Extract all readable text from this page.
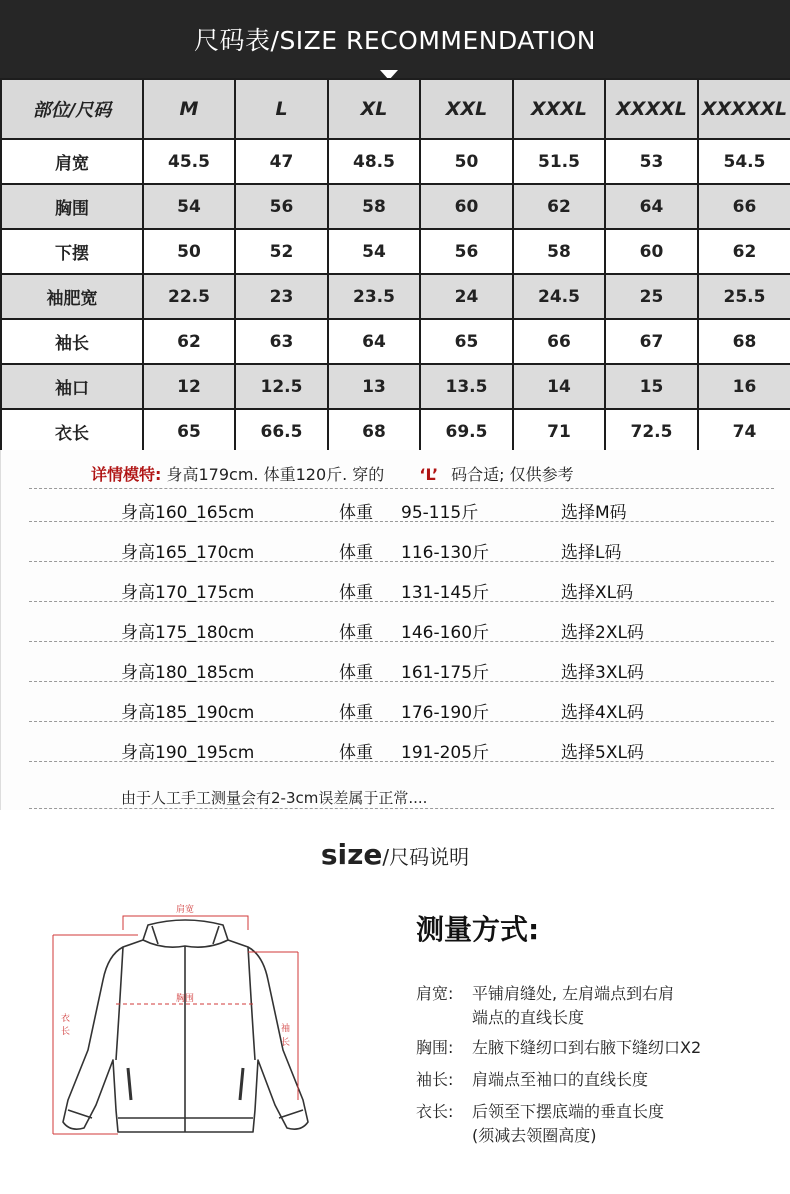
尺码表/SIZE RECOMMENDATION
部位/尺码	M	L	XL	XXL	XXXL	XXXXL	XXXXXL
肩宽	45.5	47	48.5	50	51.5	53	54.5
胸围	54	56	58	60	62	64	66
下摆	50	52	54	56	58	60	62
袖肥宽	22.5	23	23.5	24	24.5	25	25.5
袖长	62	63	64	65	66	67	68
袖口	12	12.5	13	13.5	14	15	16
衣长	65	66.5	68	69.5	71	72.5	74
详情模特: 身高179cm. 体重120斤. 穿的 ‘L’ 码合适; 仅供参考
身高160_165cm	体重 95-115斤	选择M码
身高165_170cm	体重 116-130斤	选择L码
身高170_175cm	体重 131-145斤	选择XL码
身高175_180cm	体重 146-160斤	选择2XL码
身高180_185cm	体重 161-175斤	选择3XL码
身高185_190cm	体重 176-190斤	选择4XL码
身高190_195cm	体重 191-205斤	选择5XL码
由于人工手工测量会有2-3cm误差属于正常....
size/尺码说明
肩宽
胸围
衣
长	袖
长
测量方式:
肩宽: 平铺肩缝处, 左肩端点到右肩
端点的直线长度
胸围: 左腋下缝纫口到右腋下缝纫口X2
袖长: 肩端点至袖口的直线长度
衣长: 后领至下摆底端的垂直长度
(须减去领圈高度)
